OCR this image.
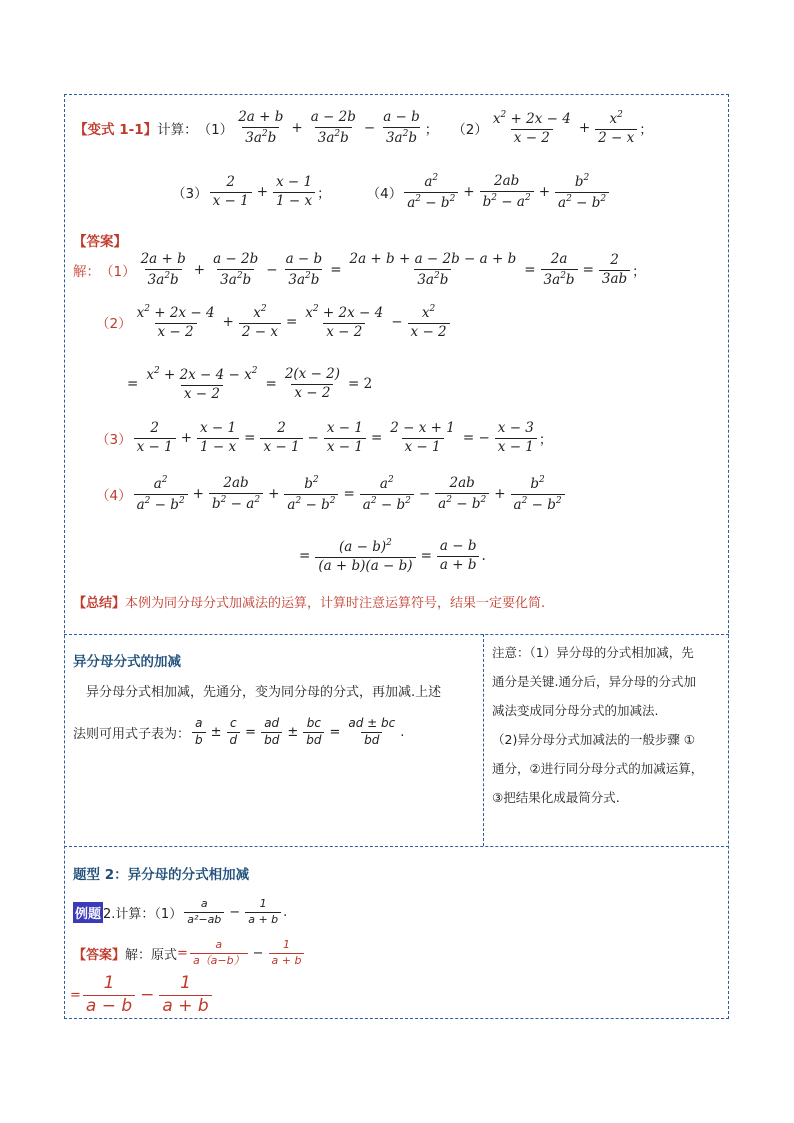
【变式 1-1】 计算： $(1) \frac{2a + b}{3a^2b} + \frac{a - 2b}{3a^2b} - \frac{a - b}{3a^2b}$ ； $(2) \frac{x^2 + 2x - 4}{x - 2} + \frac{x^2}{2 - x}$ ；
$(3) \frac{2}{x - 1} + \frac{x - 1}{1 - x}$ ；	$(4) \frac{a^2}{a^2 - b^2} + \frac{2ab}{b^2 - a^2} + \frac{b^2}{a^2 - b^2}$
【答案】
解： $(1) \frac{2a + b}{3a^2b} + \frac{a - 2b}{3a^2b} - \frac{a - b}{3a^2b} = \frac{2a + b + a - 2b - a + b}{3a^2b} = \frac{2a}{3a^2b} = \frac{2}{3ab}$ ；
$(2) \frac{x^2 + 2x - 4}{x - 2} + \frac{x^2}{2 - x} = \frac{x^2 + 2x - 4}{x - 2} - \frac{x^2}{x - 2}$
= $\frac{x^2 + 2x - 4 - x^2}{x - 2} = \frac{2(x - 2)}{x - 2} = 2$
$(3) \frac{2}{x - 1} + \frac{x - 1}{1 - x} = \frac{2}{x - 1} - \frac{x - 1}{x - 1} = \frac{2 - x + 1}{x - 1}$ = − $\frac{x - 3}{x - 1}$ ；
$(4) \frac{a^2}{a^2 - b^2} + \frac{2ab}{b^2 - a^2} + \frac{b^2}{a^2 - b^2} = \frac{a^2}{a^2 - b^2} - \frac{2ab}{a^2 - b^2} + \frac{b^2}{a^2 - b^2}$
= $\frac{(a - b)^2}{(a + b)(a - b)} = \frac{a - b}{a + b}$ .
【总结】本例为同分母分式加减法的运算，计算时注意运算符号，结果一定要化简.
异分母分式的加减
异分母分式相加减，先通分，变为同分母的分式，再加减.上述
法则可用式子表为： $\frac{a}{b} \pm \frac{c}{d} = \frac{ad}{bd} \pm \frac{bc}{bd} = \frac{ad \pm bc}{bd}$ .
注意：（1）异分母的分式相加减，先
通分是关键.通分后，异分母的分式加
减法变成同分母分式的加减法.
（2)异分母分式加减法的一般步骤 ①
通分，②进行同分母分式的加减运算，
③把结果化成最简分式.
题型 2：异分母的分式相加减
例题 2.计算：$(1) \frac{a}{\text{a²−ab}} - \frac{1}{a + b}$ .
【答案】 解：原式 = $\frac{a}{a(a-b)} - \frac{1}{a + b}$
= $\frac{1}{a - b} - \frac{1}{a + b}$
